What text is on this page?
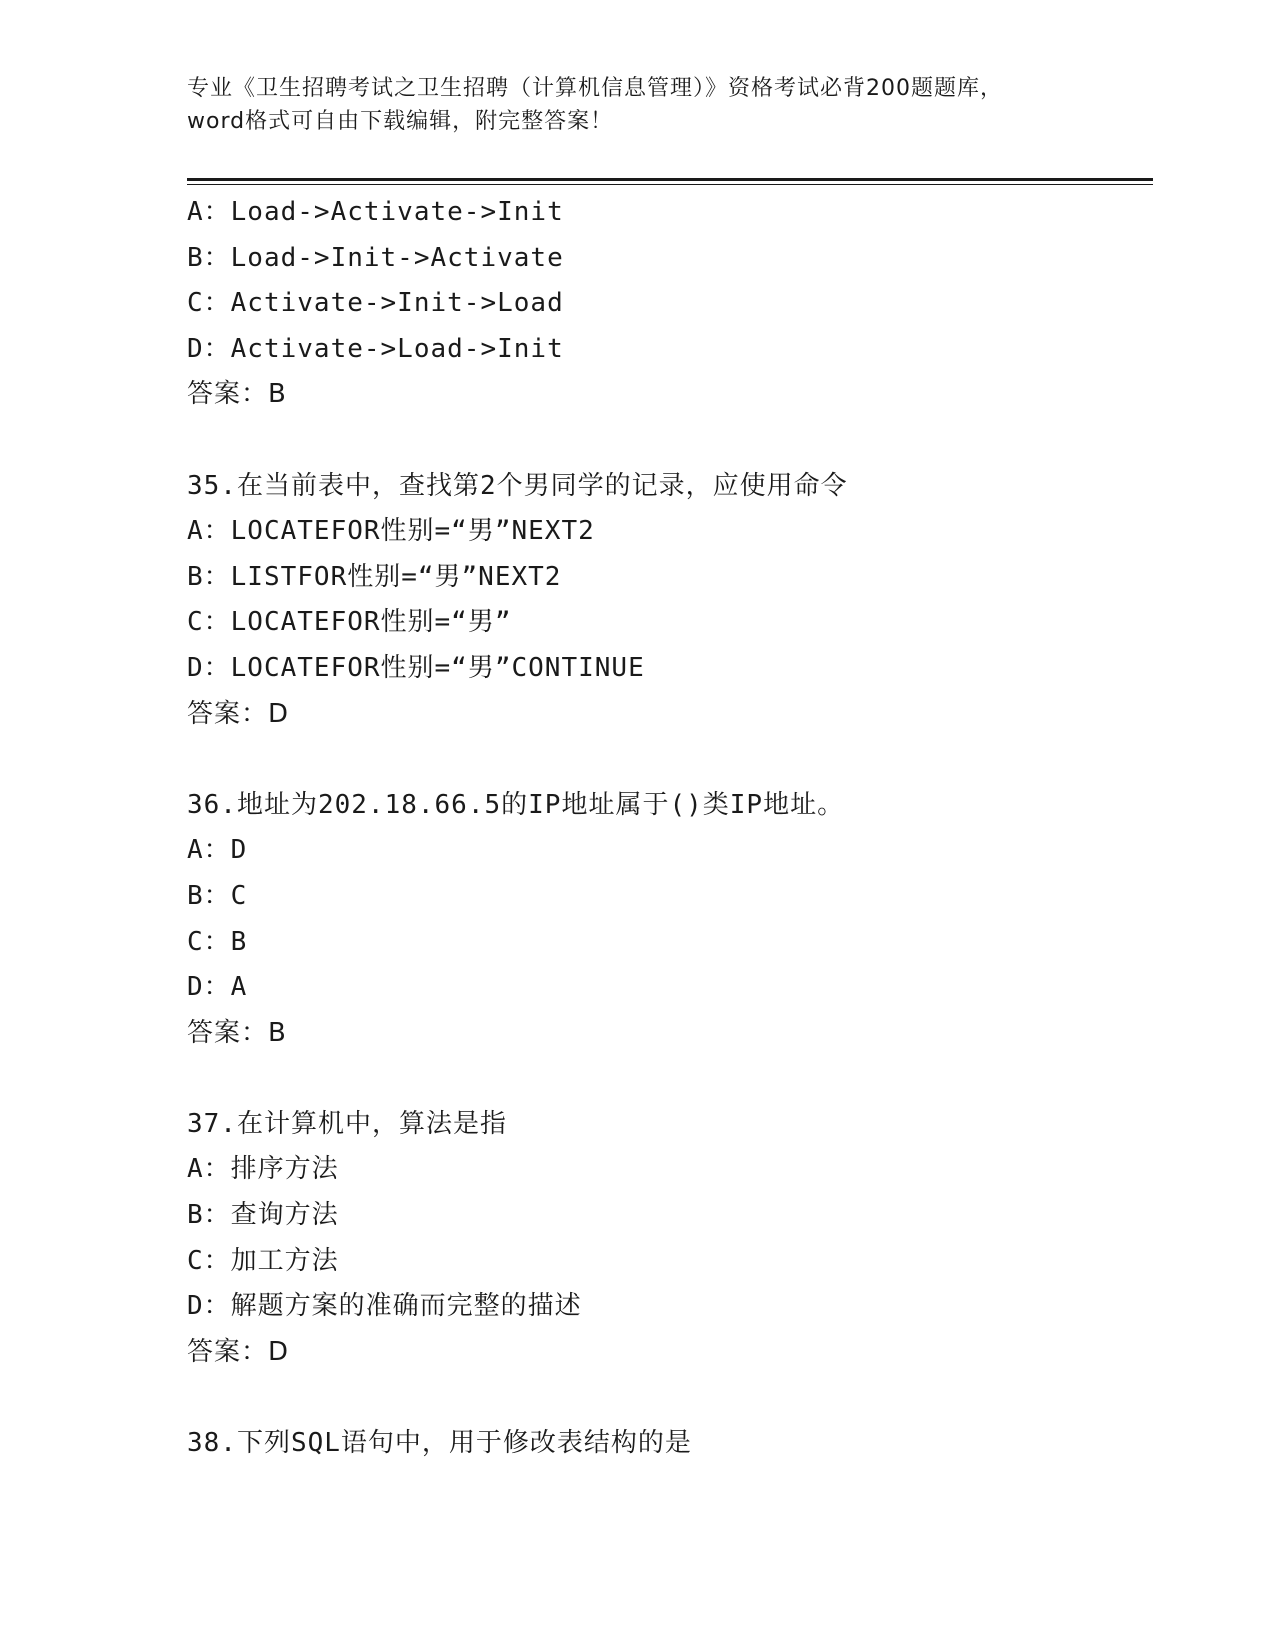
专业《卫生招聘考试之卫生招聘（计算机信息管理）》资格考试必背200题题库，
word格式可自由下载编辑，附完整答案！
A：Load->Activate->Init
B：Load->Init->Activate
C：Activate->Init->Load
D：Activate->Load->Init
答案：B
35.在当前表中，查找第2个男同学的记录，应使用命令
A：LOCATEFOR性别=“男”NEXT2
B：LISTFOR性别=“男”NEXT2
C：LOCATEFOR性别=“男”
D：LOCATEFOR性别=“男”CONTINUE
答案：D
36.地址为202.18.66.5的IP地址属于()类IP地址。
A：D
B：C
C：B
D：A
答案：B
37.在计算机中，算法是指
A：排序方法
B：查询方法
C：加工方法
D：解题方案的准确而完整的描述
答案：D
38.下列SQL语句中，用于修改表结构的是
